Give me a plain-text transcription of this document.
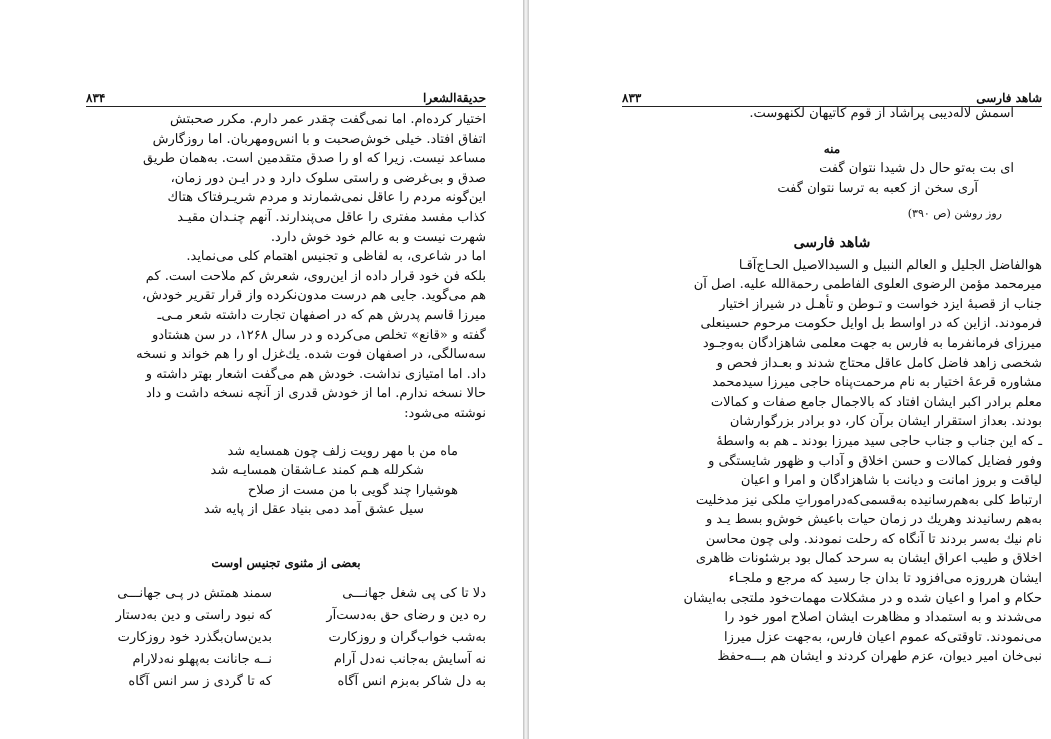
حدیقة‌الشعرا
۸۳۴

اختیار کرده‌ام. اما نمی‌گفت چقدر عمر دارم. مکرر صحبتش

اتفاق افتاد. خیلی خوش‌صحبت و با انس‌ومهربان. اما روزگارش

مساعد نیست. زیرا که او را صدق متقدمین است. به‌همان طریق

صدق و بی‌غرضی و راستی سلوک دارد و در ایـن دور زمان،

این‌گونه مردم را عاقل نمی‌شمارند و مردم شریـرفتاک هتاك

کذاب مفسد مفتری را عاقل می‌پندارند. آنهم چنـدان مقیـد

شهرت نیست و به عالم خود خوش دارد.

اما در شاعری، به لفاظی و تجنیس اهتمام کلی می‌نماید.

بلکه فن خود قرار داده از این‌روی، شعرش کم ملاحت است. کم

هم می‌گوید. جایی هم درست مدون‌نکرده واز قرار تقریر خودش،

میرزا قاسم پدرش هم که در اصفهان تجارت داشته شعر مـی‌ـ

گفته و «قانع» تخلص می‌کرده و در سال ۱۲۶۸، در سن هشتادو

سه‌سالگی، در اصفهان فوت شده. یك‌غزل او را هم خواند و نسخه

داد. اما امتیازی نداشت. خودش هم می‌گفت اشعار بهتر داشته و

حالا نسخه ندارم. اما از خودش قدری از آنچه نسخه داشت و داد

نوشته می‌شود:

ماه من با مهر رویت زلف چون همسایه شد
شکرلله هـم کمند عـاشقان همسایـه شد
هوشیارا چند گویی با من مست از صلاح
سیل عشق آمد دمی بنیاد عقل از پایه شد
بعضی از مثنوی تجنیس اوست
دلا تا کی پی شغل جهانـــی
سمند همتش در پـی جهانـــی
ره دین و رضای حق به‌دست‌آر
که نبود راستی و دین به‌دستار
به‌شب خواب‌گران و روزکارت
بدین‌سان‌بگذرد خود روزکارت
نه آسایش به‌جانب نه‌دل آرام
نــه جانانت به‌پهلو نه‌دلارام
به دل شاکر به‌بزم انس آگاه
که تا گردی ز سر انس آگاه
شاهد فارسی
۸۳۳

اسمش لاله‌دیبی پراشاد از قوم کاتیهان لکنهوست.

منه
ای بت به‌تو حال دل شیدا نتوان گفت
آری سخن از کعبه به ترسا نتوان گفت
روز روشن (ص ۳۹۰)
شاهد فارسی

هوالفاضل الجلیل و العالم النبیل و السیدالاصیل الحـاج‌آقـا

میرمحمد مؤمن الرضوی العلوی الفاطمی رحمةالله علیه. اصل آن

جناب از قصبهٔ ایزد خواست و تـوطن و تأهـل در شیراز اختیار

فرمودند. ازاین که در اواسط بل اوایل حکومت مرحوم حسینعلی

میرزای فرمانفرما به فارس به جهت معلمی شاهزادگان به‌وجـود

شخصی زاهد فاضل کامل عاقل محتاج شدند و بعـداز فحص و

مشاوره قرعهٔ اختیار به نام مرحمت‌پناه حاجی میرزا سیدمحمد

معلم برادر اکبر ایشان افتاد که بالاجمال جامع صفات و کمالات

بودند. بعداز استقرار ایشان برآن کار، دو برادر بزرگوارشان

ـ که این جناب و جناب حاجی سید میرزا بودند ـ هم به واسطهٔ

وفور فضایل کمالات و حسن اخلاق و آداب و ظهور شایستگی و

لیاقت و بروز امانت و دیانت با شاهزادگان و امرا و اعیان

ارتباط کلی به‌هم‌رسانیده به‌قسمی‌که‌دراموراتِ ملکی نیز مدخلیت

به‌هم رسانیدند وهریك در زمان حیات باعیش خوش‌و بسط یـد و

نام نیك به‌سر بردند تا آنگاه که رحلت نمودند. ولی چون محاسن

اخلاق و طیب اعراق ایشان به سرحد کمال بود برشئونات ظاهری

ایشان هرروزه می‌افزود تا بدان جا رسید که مرجع و ملجـاء

حکام و امرا و اعیان شده و در مشکلات مهمات‌خود ملتجی به‌ایشان

می‌شدند و به استمداد و مظاهرت ایشان اصلاح امور خود را

می‌نمودند. تاوقتی‌که عموم اعیان فارس، به‌جهت عزل میرزا

نبی‌خان امیر دیوان، عزم طهران کردند و ایشان هم بـــه‌حفظ
